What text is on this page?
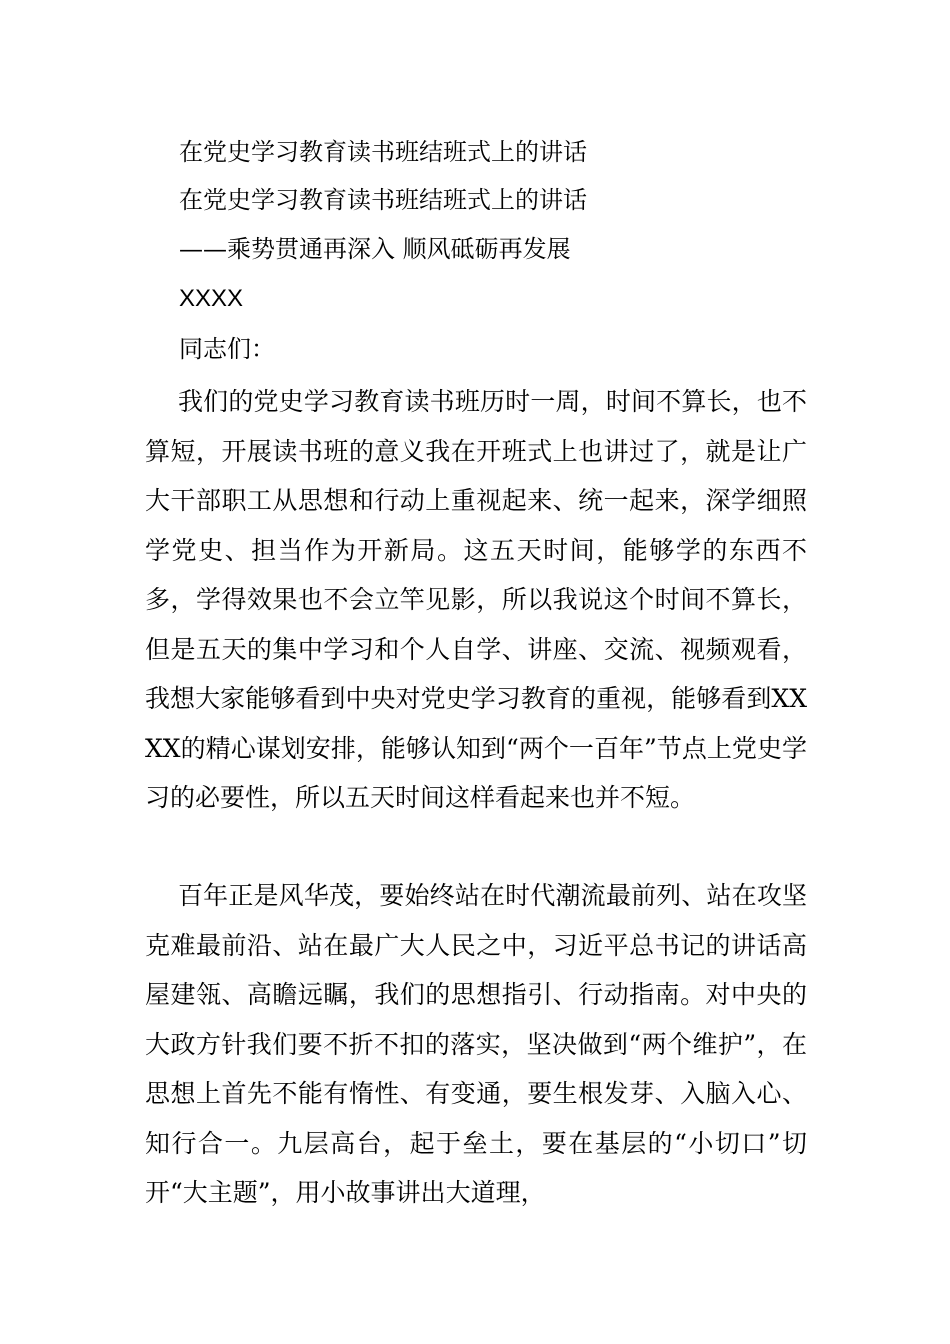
在党史学习教育读书班结班式上的讲话
在党史学习教育读书班结班式上的讲话
——乘势贯通再深入 顺风砥砺再发展
XXXX
同志们：

我们的党史学习教育读书班历时一周，时间不算长，也不算短，开展读书班的意义我在开班式上也讲过了，就是让广大干部职工从思想和行动上重视起来、统一起来，深学细照学党史、担当作为开新局。这五天时间，能够学的东西不多，学得效果也不会立竿见影，所以我说这个时间不算长，但是五天的集中学习和个人自学、讲座、交流、视频观看，我想大家能够看到中央对党史学习教育的重视，能够看到XXXX的精心谋划安排，能够认知到“两个一百年”节点上党史学习的必要性，所以五天时间这样看起来也并不短。

百年正是风华茂，要始终站在时代潮流最前列、站在攻坚克难最前沿、站在最广大人民之中，习近平总书记的讲话高屋建瓴、高瞻远瞩，我们的思想指引、行动指南。对中央的大政方针我们要不折不扣的落实，坚决做到“两个维护”，在思想上首先不能有惰性、有变通，要生根发芽、入脑入心、知行合一。九层高台，起于垒土，要在基层的“小切口”切开“大主题”，用小故事讲出大道理，
